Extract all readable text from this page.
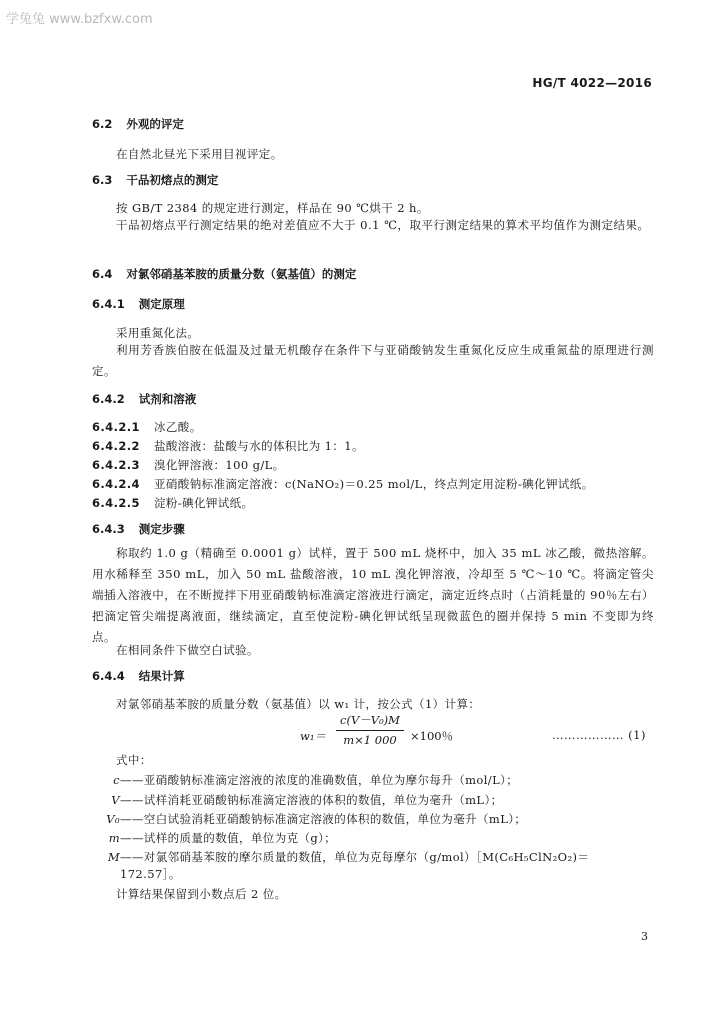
学兔兔 www.bzfxw.com
HG/T 4022—2016
6.2 外观的评定
在自然北昼光下采用目视评定。
6.3 干品初熔点的测定
按 GB/T 2384 的规定进行测定，样品在 90 ℃烘干 2 h。
干品初熔点平行测定结果的绝对差值应不大于 0.1 ℃，取平行测定结果的算术平均值作为测定结果。
6.4 对氯邻硝基苯胺的质量分数（氨基值）的测定
6.4.1 测定原理
采用重氮化法。
利用芳香族伯胺在低温及过量无机酸存在条件下与亚硝酸钠发生重氮化反应生成重氮盐的原理进行测定。
6.4.2 试剂和溶液
6.4.2.1 冰乙酸。
6.4.2.2 盐酸溶液：盐酸与水的体积比为 1：1。
6.4.2.3 溴化钾溶液：100 g/L。
6.4.2.4 亚硝酸钠标准滴定溶液：c(NaNO₂)＝0.25 mol/L，终点判定用淀粉-碘化钾试纸。
6.4.2.5 淀粉-碘化钾试纸。
6.4.3 测定步骤
称取约 1.0 g（精确至 0.0001 g）试样，置于 500 mL 烧杯中，加入 35 mL 冰乙酸，微热溶解。用水稀释至 350 mL，加入 50 mL 盐酸溶液，10 mL 溴化钾溶液，冷却至 5 ℃～10 ℃。将滴定管尖端插入溶液中，在不断搅拌下用亚硝酸钠标准滴定溶液进行滴定，滴定近终点时（占消耗量的 90％左右）把滴定管尖端提离液面，继续滴定，直至使淀粉-碘化钾试纸呈现微蓝色的圈并保持 5 min 不变即为终点。
在相同条件下做空白试验。
6.4.4 结果计算
对氯邻硝基苯胺的质量分数（氨基值）以 w₁ 计，按公式（1）计算：
$w_1= \frac{\text{c(V－V₀)M}}{m\times 1 000} \times 100$％	……………… (1)
式中：
c——亚硝酸钠标准滴定溶液的浓度的准确数值，单位为摩尔每升（mol/L）；
V——试样消耗亚硝酸钠标准滴定溶液的体积的数值，单位为毫升（mL）；
V₀——空白试验消耗亚硝酸钠标准滴定溶液的体积的数值，单位为毫升（mL）；
m——试样的质量的数值，单位为克（g）；
M——对氯邻硝基苯胺的摩尔质量的数值，单位为克每摩尔（g/mol）［M(C₆H₅ClN₂O₂)＝
172.57］。
计算结果保留到小数点后 2 位。
3
